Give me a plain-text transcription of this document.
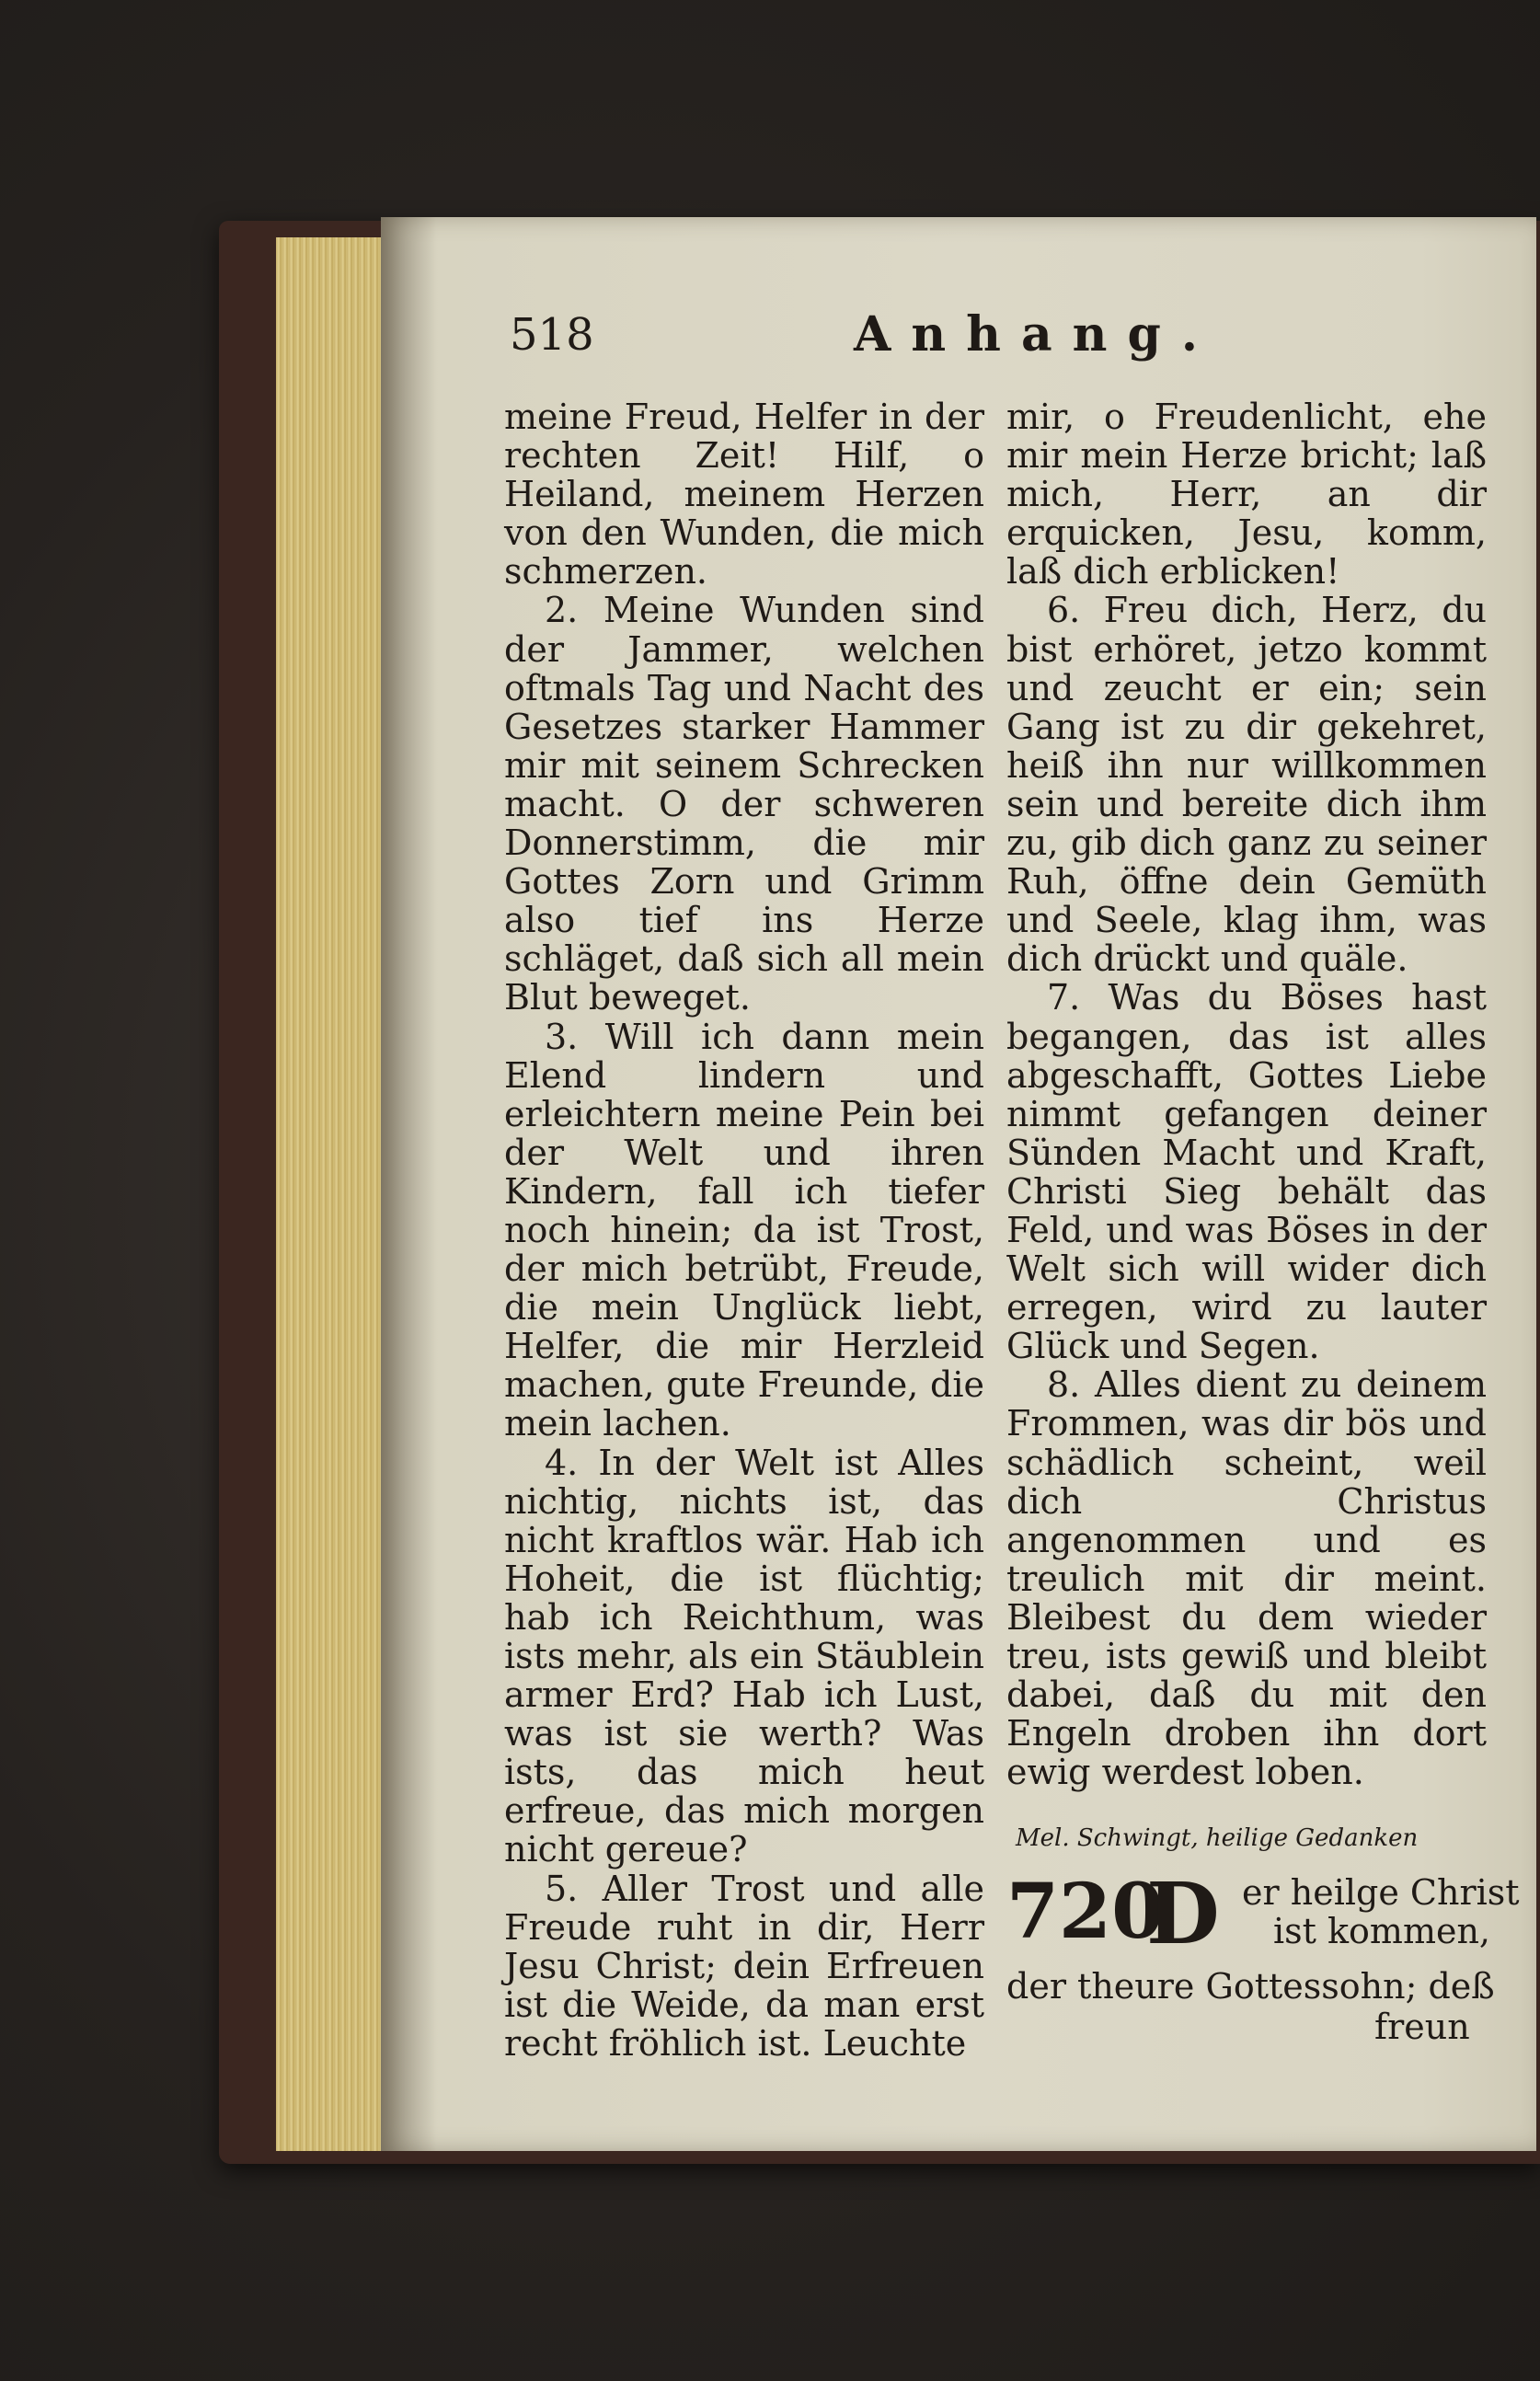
518	Anhang.

meine Freud, Helfer in der rechten Zeit! Hilf, o Heiland, meinem Herzen von den Wunden, die mich schmerzen.

2. Meine Wunden sind der Jammer, welchen oftmals Tag und Nacht des Gesetzes starker Hammer mir mit seinem Schrecken macht. O der schweren Donnerstimm, die mir Gottes Zorn und Grimm also tief ins Herze schläget, daß sich all mein Blut beweget.

3. Will ich dann mein Elend lindern und erleichtern meine Pein bei der Welt und ihren Kindern, fall ich tiefer noch hinein; da ist Trost, der mich betrübt, Freude, die mein Unglück liebt, Helfer, die mir Herzleid machen, gute Freunde, die mein lachen.

4. In der Welt ist Alles nichtig, nichts ist, das nicht kraftlos wär. Hab ich Hoheit, die ist flüchtig; hab ich Reichthum, was ists mehr, als ein Stäublein armer Erd? Hab ich Lust, was ist sie werth? Was ists, das mich heut erfreue, das mich morgen nicht gereue?

5. Aller Trost und alle Freude ruht in dir, Herr Jesu Christ; dein Erfreuen ist die Weide, da man erst recht fröhlich ist. Leuchte

mir, o Freudenlicht, ehe mir mein Herze bricht; laß mich, Herr, an dir erquicken, Jesu, komm, laß dich erblicken!

6. Freu dich, Herz, du bist erhöret, jetzo kommt und zeucht er ein; sein Gang ist zu dir gekehret, heiß ihn nur willkommen sein und bereite dich ihm zu, gib dich ganz zu seiner Ruh, öffne dein Gemüth und Seele, klag ihm, was dich drückt und quäle.

7. Was du Böses hast begangen, das ist alles abgeschafft, Gottes Liebe nimmt gefangen deiner Sünden Macht und Kraft, Christi Sieg behält das Feld, und was Böses in der Welt sich will wider dich erregen, wird zu lauter Glück und Segen.

8. Alles dient zu deinem Frommen, was dir bös und schädlich scheint, weil dich Christus angenommen und es treulich mit dir meint. Bleibest du dem wieder treu, ists gewiß und bleibt dabei, daß du mit den Engeln droben ihn dort ewig werdest loben.

Mel. Schwingt, heilige Gedanken
720
D er heilge Christ
ist kommen,
der theure Gottessohn; deß
freun
